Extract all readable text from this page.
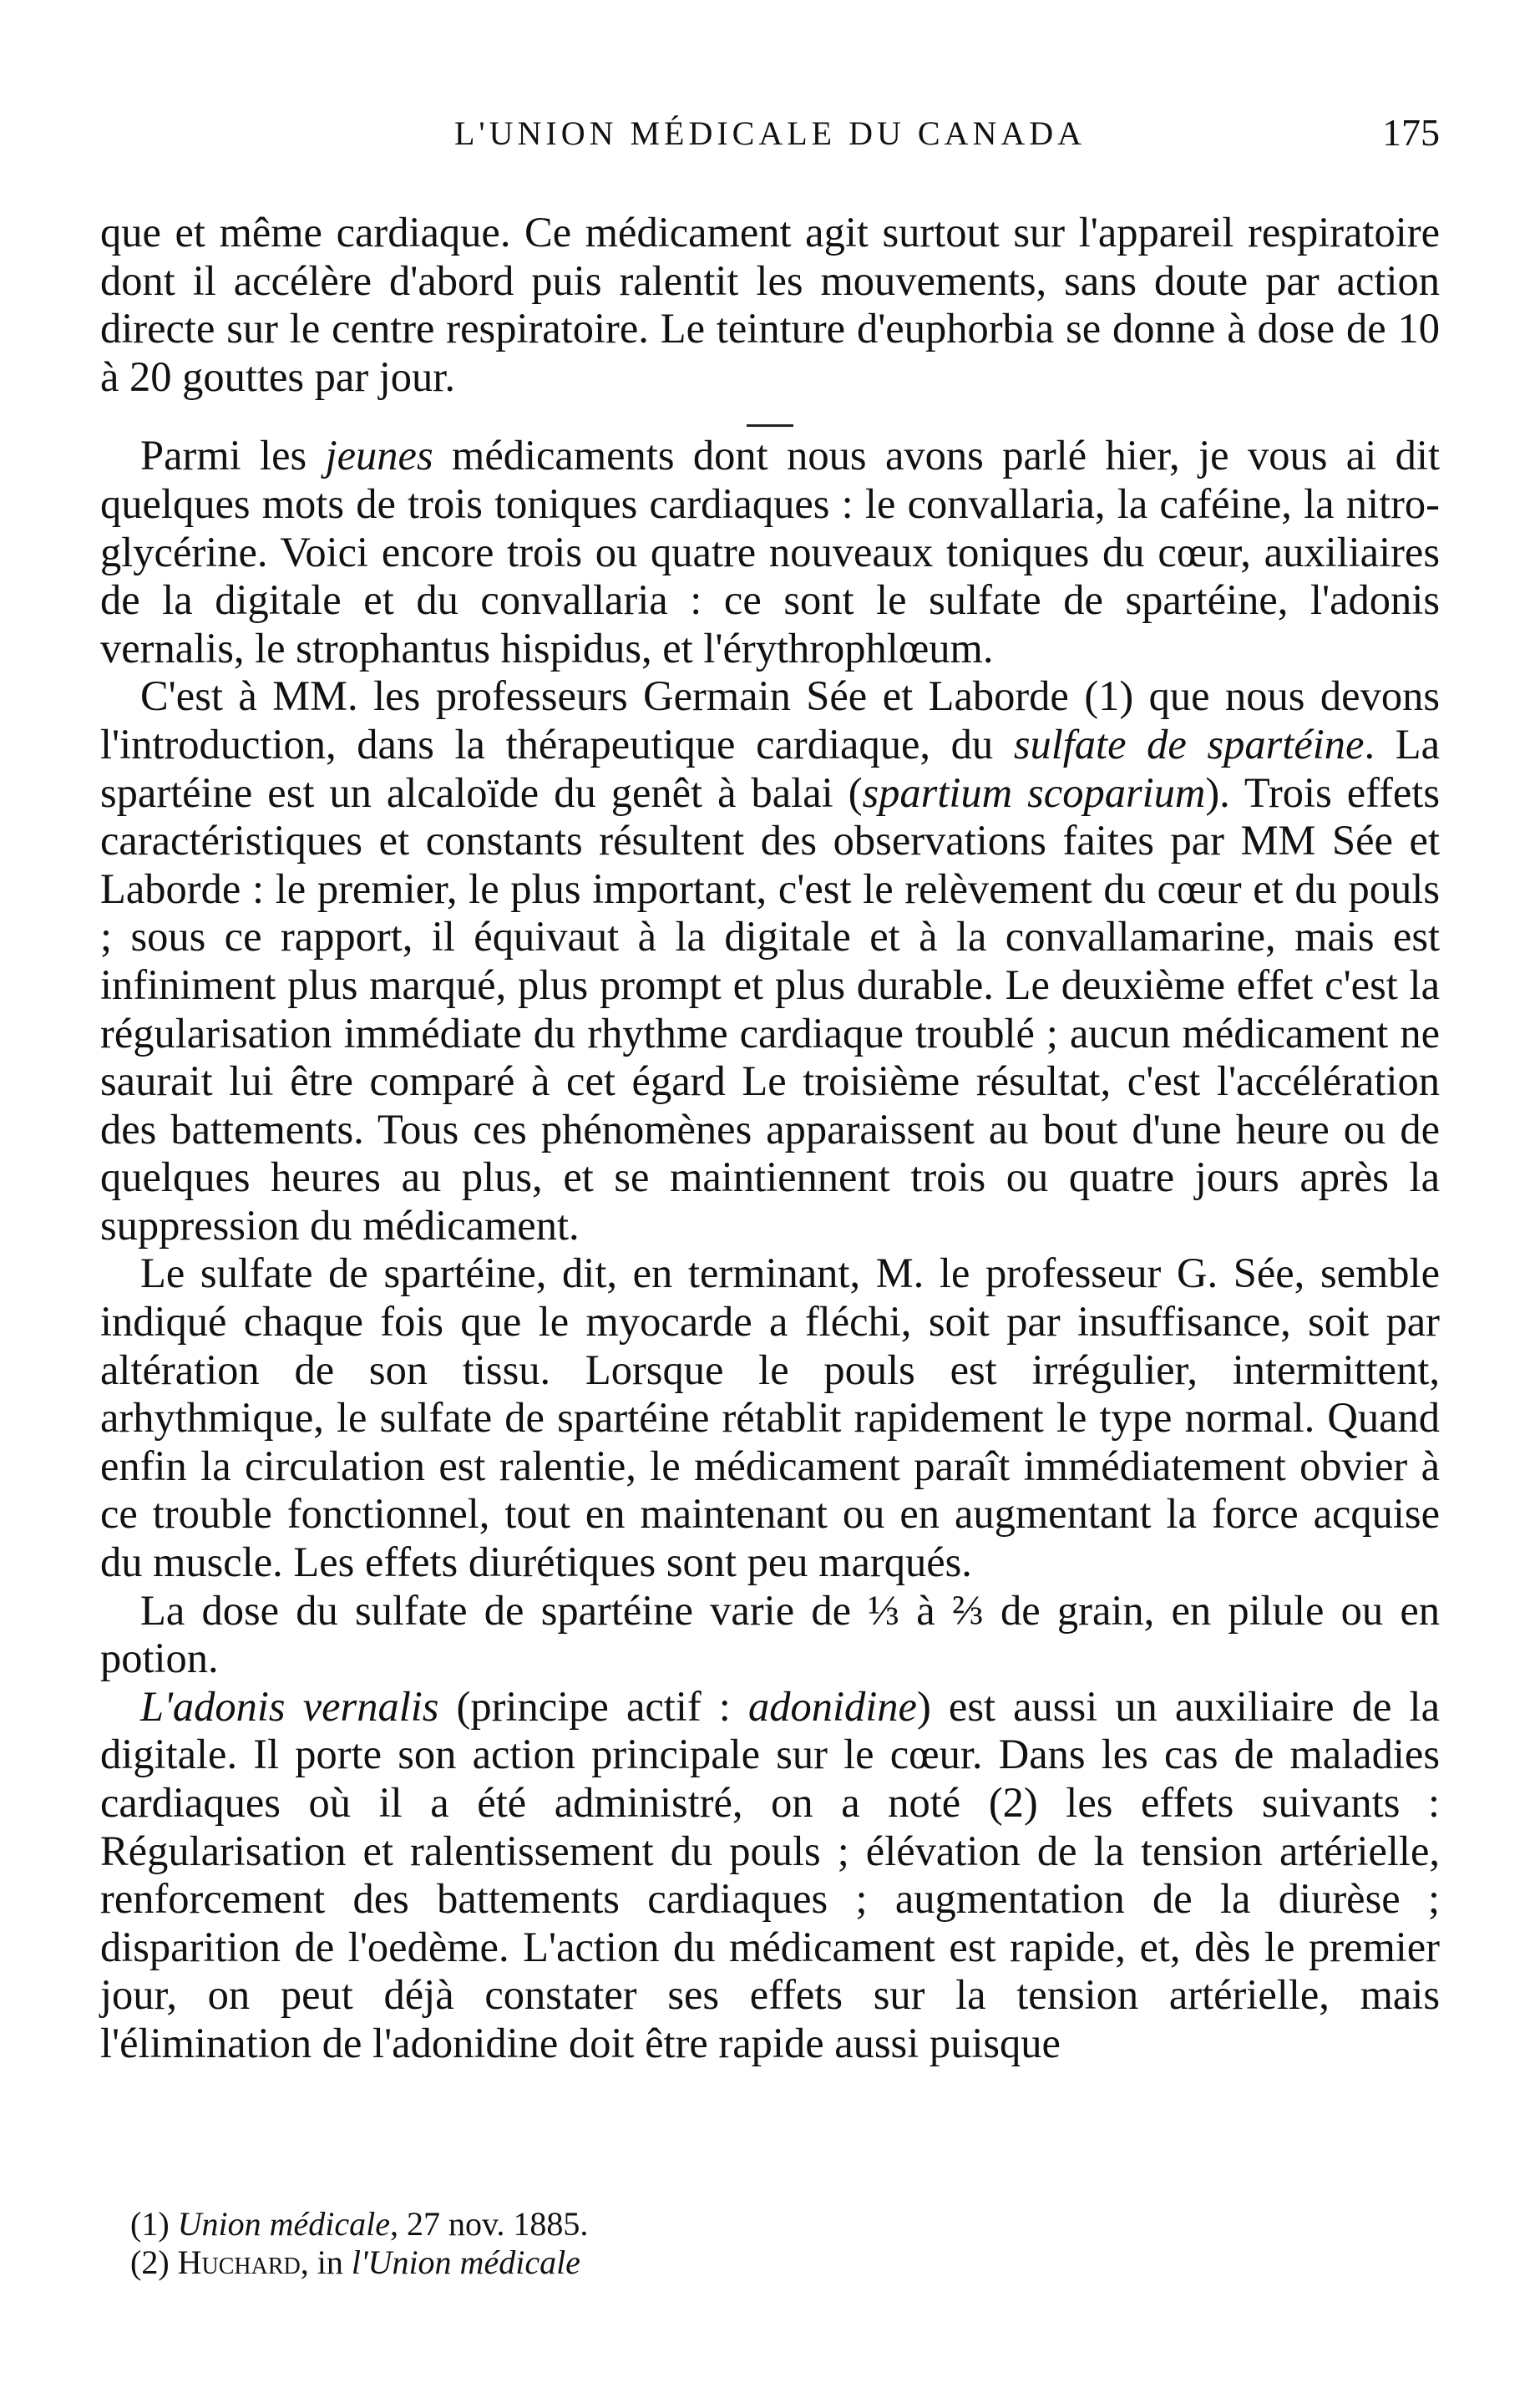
L'UNION MÉDICALE DU CANADA	175

que et même cardiaque. Ce médicament agit surtout sur l'appareil respiratoire dont il accélère d'abord puis ralentit les mouvements, sans doute par action directe sur le centre respiratoire. Le teinture d'euphorbia se donne à dose de 10 à 20 gouttes par jour.

Parmi les jeunes médicaments dont nous avons parlé hier, je vous ai dit quelques mots de trois toniques cardiaques : le convallaria, la caféine, la nitro-glycérine. Voici encore trois ou quatre nouveaux toniques du cœur, auxiliaires de la digitale et du convallaria : ce sont le sulfate de spartéine, l'adonis vernalis, le strophantus hispidus, et l'érythrophlœum.

C'est à MM. les professeurs Germain Sée et Laborde (1) que nous devons l'introduction, dans la thérapeutique cardiaque, du sulfate de spartéine. La spartéine est un alcaloïde du genêt à balai (spartium scoparium). Trois effets caractéristiques et constants résultent des observations faites par MM Sée et Laborde : le premier, le plus important, c'est le relèvement du cœur et du pouls ; sous ce rapport, il équivaut à la digitale et à la convallamarine, mais est infiniment plus marqué, plus prompt et plus durable. Le deuxième effet c'est la régularisation immédiate du rhythme cardiaque troublé ; aucun médicament ne saurait lui être comparé à cet égard Le troisième résultat, c'est l'accélération des battements. Tous ces phénomènes apparaissent au bout d'une heure ou de quelques heures au plus, et se maintiennent trois ou quatre jours après la suppression du médicament.

Le sulfate de spartéine, dit, en terminant, M. le professeur G. Sée, semble indiqué chaque fois que le myocarde a fléchi, soit par insuffisance, soit par altération de son tissu. Lorsque le pouls est irrégulier, intermittent, arhythmique, le sulfate de spartéine rétablit rapidement le type normal. Quand enfin la circulation est ralentie, le médicament paraît immédiatement obvier à ce trouble fonctionnel, tout en maintenant ou en augmentant la force acquise du muscle. Les effets diurétiques sont peu marqués.

La dose du sulfate de spartéine varie de ⅓ à ⅔ de grain, en pilule ou en potion.

L'adonis vernalis (principe actif : adonidine) est aussi un auxiliaire de la digitale. Il porte son action principale sur le cœur. Dans les cas de maladies cardiaques où il a été administré, on a noté (2) les effets suivants : Régularisation et ralentissement du pouls ; élévation de la tension artérielle, renforcement des battements cardiaques ; augmentation de la diurèse ; disparition de l'oedème. L'action du médicament est rapide, et, dès le premier jour, on peut déjà constater ses effets sur la tension artérielle, mais l'élimination de l'adonidine doit être rapide aussi puisque

(1) Union médicale, 27 nov. 1885.
(2) Huchard, in l'Union médicale
